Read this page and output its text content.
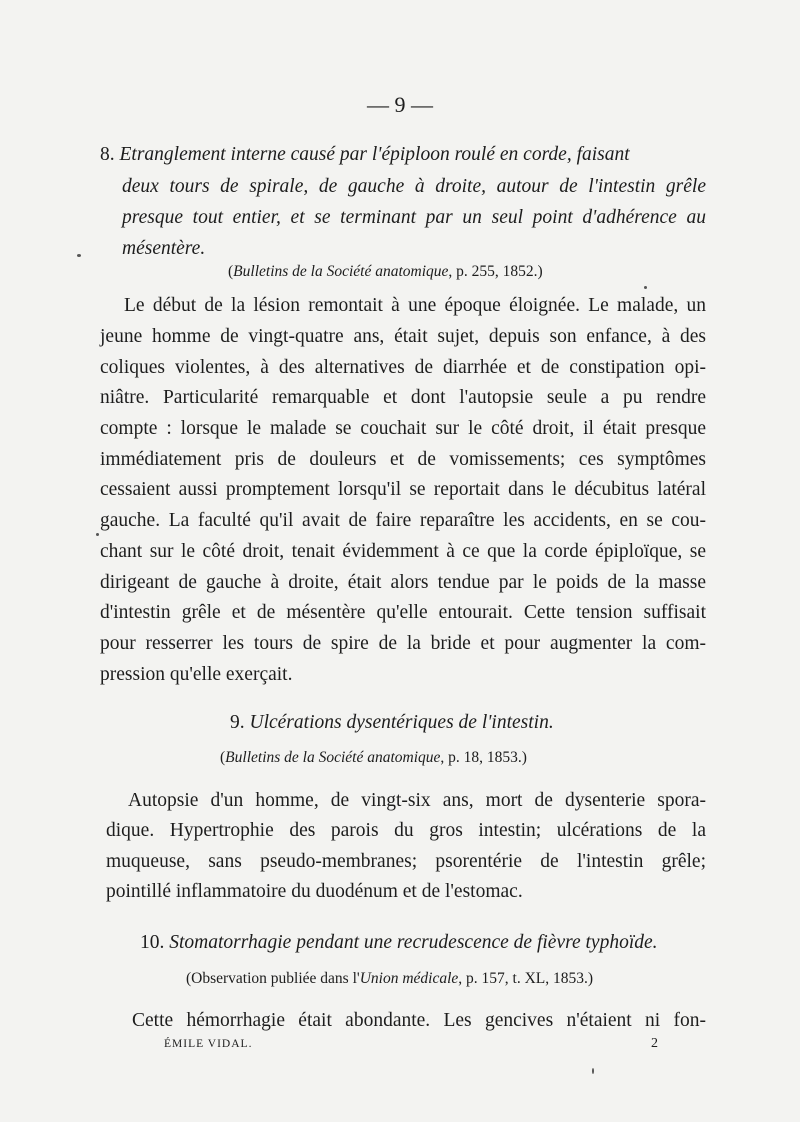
— 9 —
8. Etranglement interne causé par l'épiploon roulé en corde, faisant
deux tours de spirale, de gauche à droite, autour de l'intestin grêle
presque tout entier, et se terminant par un seul point d'adhérence au
mésentère.
(Bulletins de la Société anatomique, p. 255, 1852.)
Le début de la lésion remontait à une époque éloignée. Le malade, un
jeune homme de vingt-quatre ans, était sujet, depuis son enfance, à des
coliques violentes, à des alternatives de diarrhée et de constipation opi-
niâtre. Particularité remarquable et dont l'autopsie seule a pu rendre
compte : lorsque le malade se couchait sur le côté droit, il était presque
immédiatement pris de douleurs et de vomissements; ces symptômes
cessaient aussi promptement lorsqu'il se reportait dans le décubitus latéral
gauche. La faculté qu'il avait de faire reparaître les accidents, en se cou-
chant sur le côté droit, tenait évidemment à ce que la corde épiploïque, se
dirigeant de gauche à droite, était alors tendue par le poids de la masse
d'intestin grêle et de mésentère qu'elle entourait. Cette tension suffisait
pour resserrer les tours de spire de la bride et pour augmenter la com-
pression qu'elle exerçait.
9. Ulcérations dysentériques de l'intestin.
(Bulletins de la Société anatomique, p. 18, 1853.)
Autopsie d'un homme, de vingt-six ans, mort de dysenterie spora-
dique. Hypertrophie des parois du gros intestin; ulcérations de la
muqueuse, sans pseudo-membranes; psorentérie de l'intestin grêle;
pointillé inflammatoire du duodénum et de l'estomac.
10. Stomatorrhagie pendant une recrudescence de fièvre typhoïde.
(Observation publiée dans l'Union médicale, p. 157, t. XL, 1853.)
Cette hémorrhagie était abondante. Les gencives n'étaient ni fon-
ÉMILE VIDAL.	2
